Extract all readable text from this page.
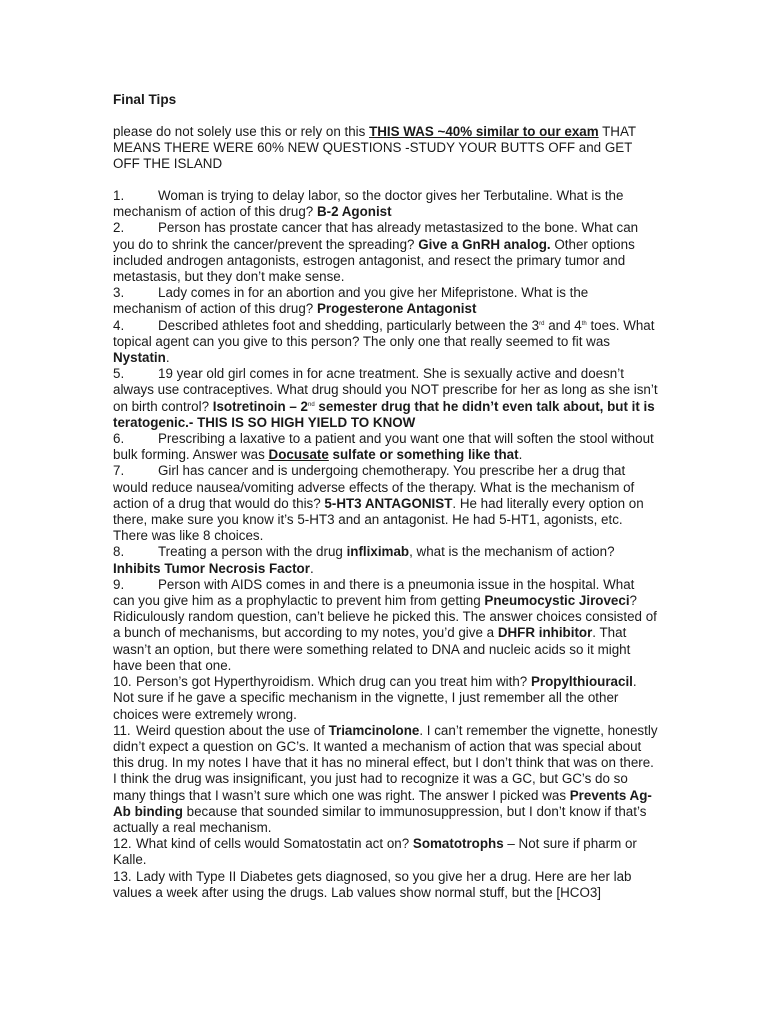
Final Tips

please do not solely use this or rely on this THIS WAS ~40% similar to our exam THAT MEANS THERE WERE 60% NEW QUESTIONS -STUDY YOUR BUTTS OFF and GET OFF THE ISLAND

1.	Woman is trying to delay labor, so the doctor gives her Terbutaline. What is the mechanism of action of this drug? B-2 Agonist
2.	Person has prostate cancer that has already metastasized to the bone. What can you do to shrink the cancer/prevent the spreading? Give a GnRH analog. Other options included androgen antagonists, estrogen antagonist, and resect the primary tumor and metastasis, but they don’t make sense.
3.	Lady comes in for an abortion and you give her Mifepristone. What is the mechanism of action of this drug? Progesterone Antagonist
4.	Described athletes foot and shedding, particularly between the 3rd and 4th toes. What topical agent can you give to this person? The only one that really seemed to fit was Nystatin.
5.	19 year old girl comes in for acne treatment. She is sexually active and doesn’t always use contraceptives. What drug should you NOT prescribe for her as long as she isn’t on birth control? Isotretinoin – 2nd semester drug that he didn’t even talk about, but it is teratogenic.- THIS IS SO HIGH YIELD TO KNOW
6.	Prescribing a laxative to a patient and you want one that will soften the stool without bulk forming. Answer was Docusate sulfate or something like that.
7.	Girl has cancer and is undergoing chemotherapy. You prescribe her a drug that would reduce nausea/vomiting adverse effects of the therapy. What is the mechanism of action of a drug that would do this? 5-HT3 ANTAGONIST. He had literally every option on there, make sure you know it’s 5-HT3 and an antagonist. He had 5-HT1, agonists, etc. There was like 8 choices.
8.	Treating a person with the drug infliximab, what is the mechanism of action? Inhibits Tumor Necrosis Factor.
9.	Person with AIDS comes in and there is a pneumonia issue in the hospital. What can you give him as a prophylactic to prevent him from getting Pneumocystic Jiroveci? Ridiculously random question, can’t believe he picked this. The answer choices consisted of a bunch of mechanisms, but according to my notes, you’d give a DHFR inhibitor. That wasn’t an option, but there were something related to DNA and nucleic acids so it might have been that one.
10. Person’s got Hyperthyroidism. Which drug can you treat him with? Propylthiouracil. Not sure if he gave a specific mechanism in the vignette, I just remember all the other choices were extremely wrong.
11. Weird question about the use of Triamcinolone. I can’t remember the vignette, honestly didn’t expect a question on GC’s. It wanted a mechanism of action that was special about this drug. In my notes I have that it has no mineral effect, but I don’t think that was on there. I think the drug was insignificant, you just had to recognize it was a GC, but GC’s do so many things that I wasn’t sure which one was right. The answer I picked was Prevents Ag-Ab binding because that sounded similar to immunosuppression, but I don’t know if that’s actually a real mechanism.
12. What kind of cells would Somatostatin act on? Somatotrophs – Not sure if pharm or Kalle.
13. Lady with Type II Diabetes gets diagnosed, so you give her a drug. Here are her lab values a week after using the drugs. Lab values show normal stuff, but the [HCO3]
